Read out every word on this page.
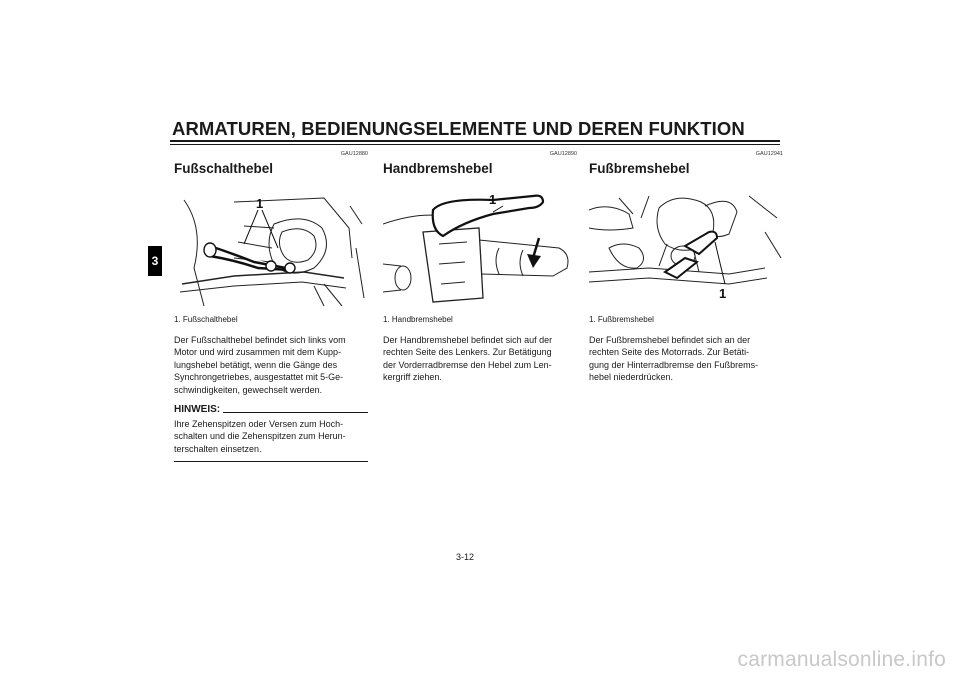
ARMATUREN, BEDIENUNGSELEMENTE UND DEREN FUNKTION
3
GAU12880
Fußschalthebel
1
1. Fußschalthebel
Der Fußschalthebel befindet sich links vom
Motor und wird zusammen mit dem Kupp-
lungshebel betätigt, wenn die Gänge des
Synchrongetriebes, ausgestattet mit 5-Ge-
schwindigkeiten, gewechselt werden.
HINWEIS:
Ihre Zehenspitzen oder Versen zum Hoch-
schalten und die Zehenspitzen zum Herun-
terschalten einsetzen.
GAU12890
Handbremshebel
1
1. Handbremshebel
Der Handbremshebel befindet sich auf der
rechten Seite des Lenkers. Zur Betätigung
der Vorderradbremse den Hebel zum Len-
kergriff ziehen.
GAU12941
Fußbremshebel
1
1. Fußbremshebel
Der Fußbremshebel befindet sich an der
rechten Seite des Motorrads. Zur Betäti-
gung der Hinterradbremse den Fußbrems-
hebel niederdrücken.
3-12
carmanualsonline.info
